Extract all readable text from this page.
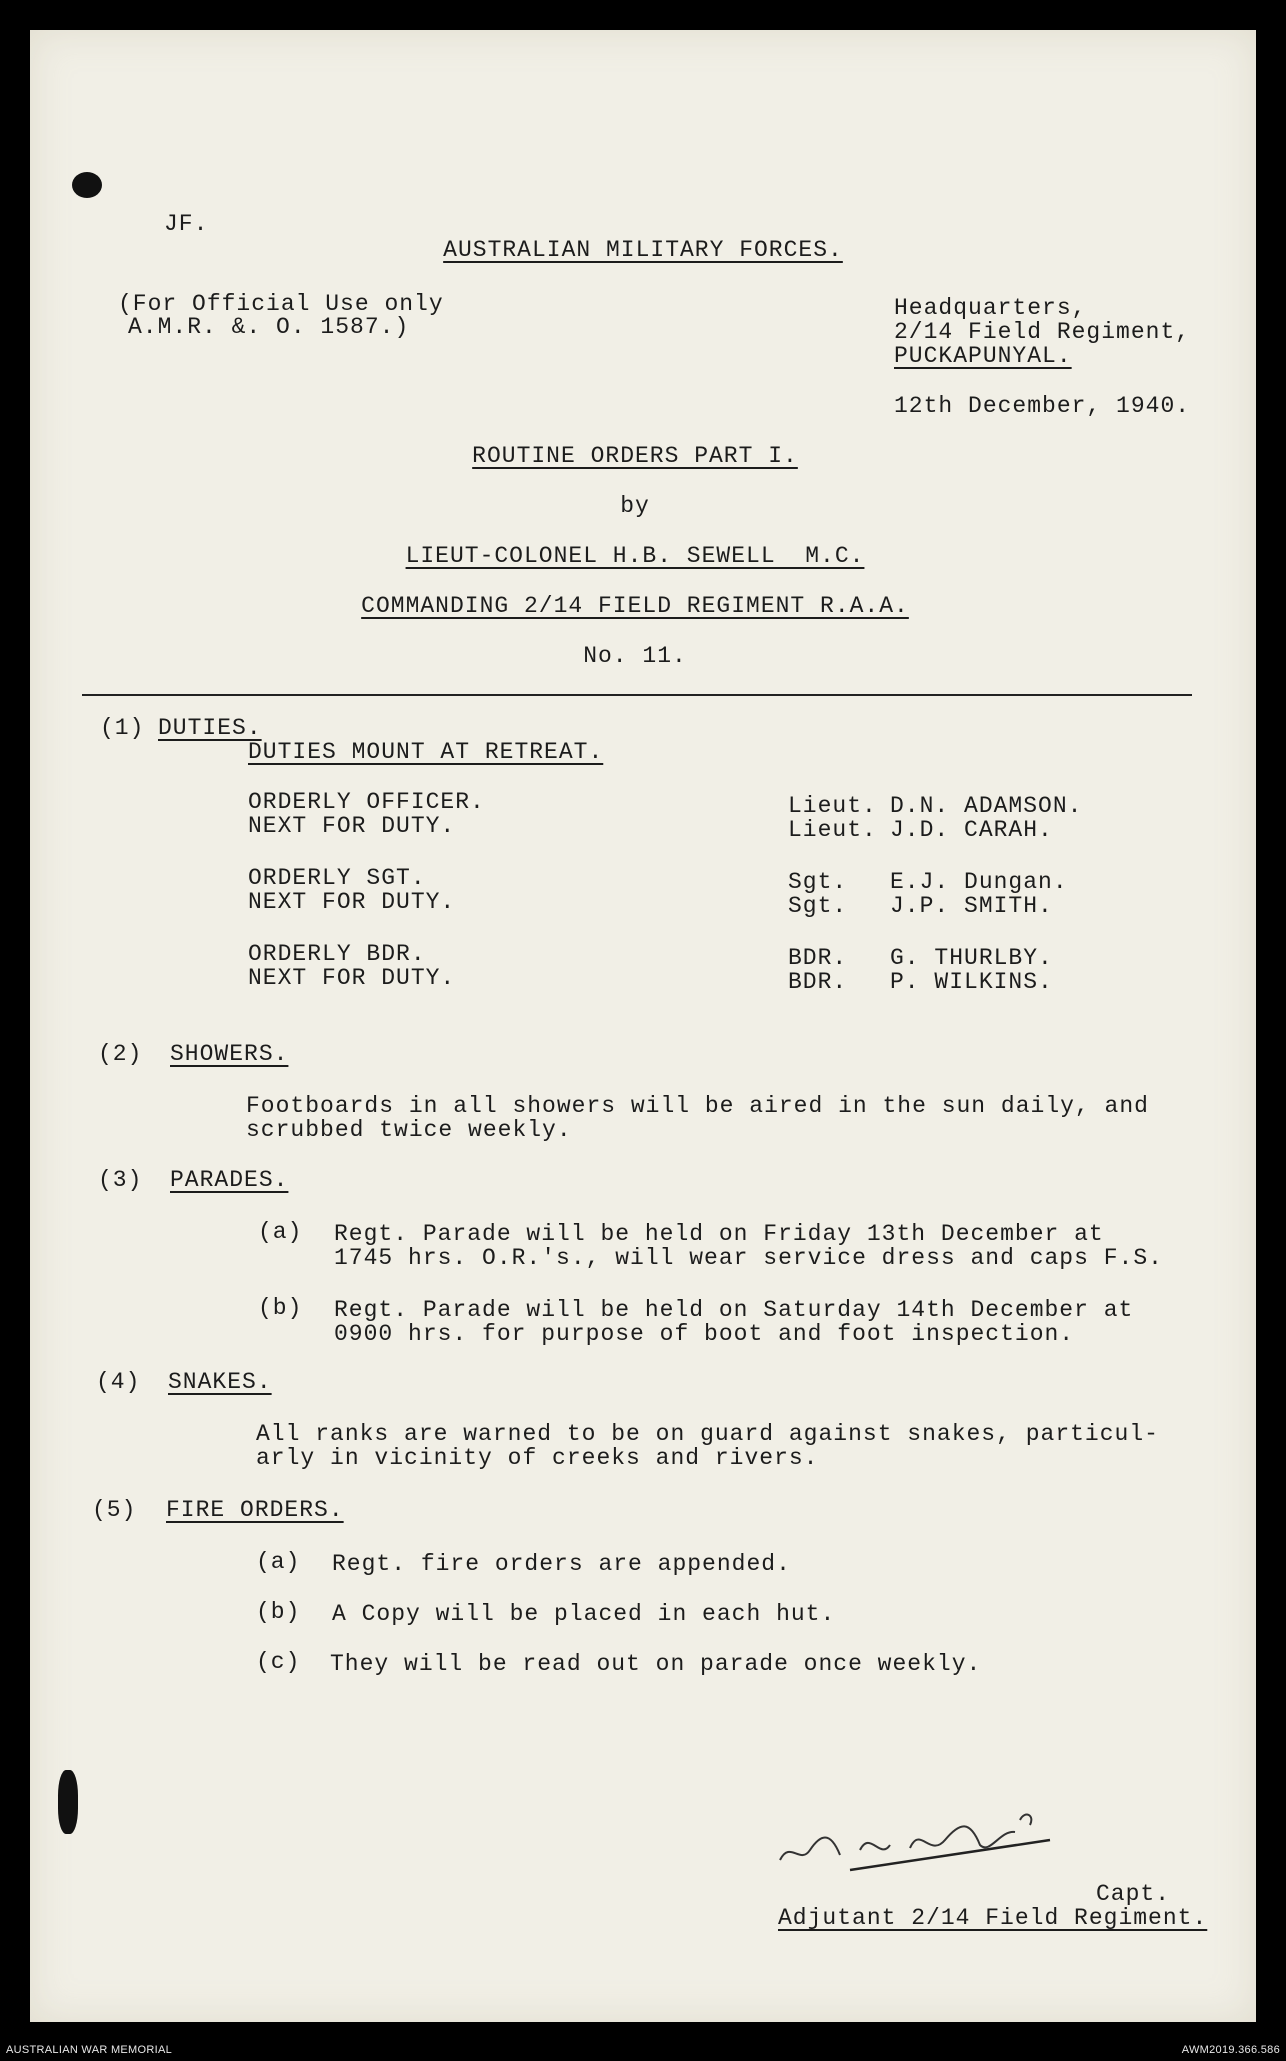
JF.
AUSTRALIAN MILITARY FORCES.
(For Official Use only
A.M.R. &. O. 1587.)
Headquarters,
2/14 Field Regiment,
PUCKAPUNYAL.
12th December, 1940.
ROUTINE ORDERS PART I.
by
LIEUT-COLONEL H.B. SEWELL  M.C.
COMMANDING 2/14 FIELD REGIMENT R.A.A.
No. 11.
(1) DUTIES.
DUTIES MOUNT AT RETREAT.
ORDERLY OFFICER.	Lieut. D.N. ADAMSON.
NEXT FOR DUTY.	Lieut. J.D. CARAH.
ORDERLY SGT.	Sgt. E.J. Dungan.
NEXT FOR DUTY.	Sgt. J.P. SMITH.
ORDERLY BDR.	BDR. G. THURLBY.
NEXT FOR DUTY.	BDR. P. WILKINS.
(2) SHOWERS.
Footboards in all showers will be aired in the sun daily, and
scrubbed twice weekly.
(3) PARADES.
(a) Regt. Parade will be held on Friday 13th December at
1745 hrs. O.R.'s., will wear service dress and caps F.S.
(b) Regt. Parade will be held on Saturday 14th December at
0900 hrs. for purpose of boot and foot inspection.
(4) SNAKES.
All ranks are warned to be on guard against snakes, particul-
arly in vicinity of creeks and rivers.
(5) FIRE ORDERS.
(a) Regt. fire orders are appended.
(b) A Copy will be placed in each hut.
(c) They will be read out on parade once weekly.
Capt.
Adjutant 2/14 Field Regiment.
AUSTRALIAN WAR MEMORIAL	AWM2019.366.586
